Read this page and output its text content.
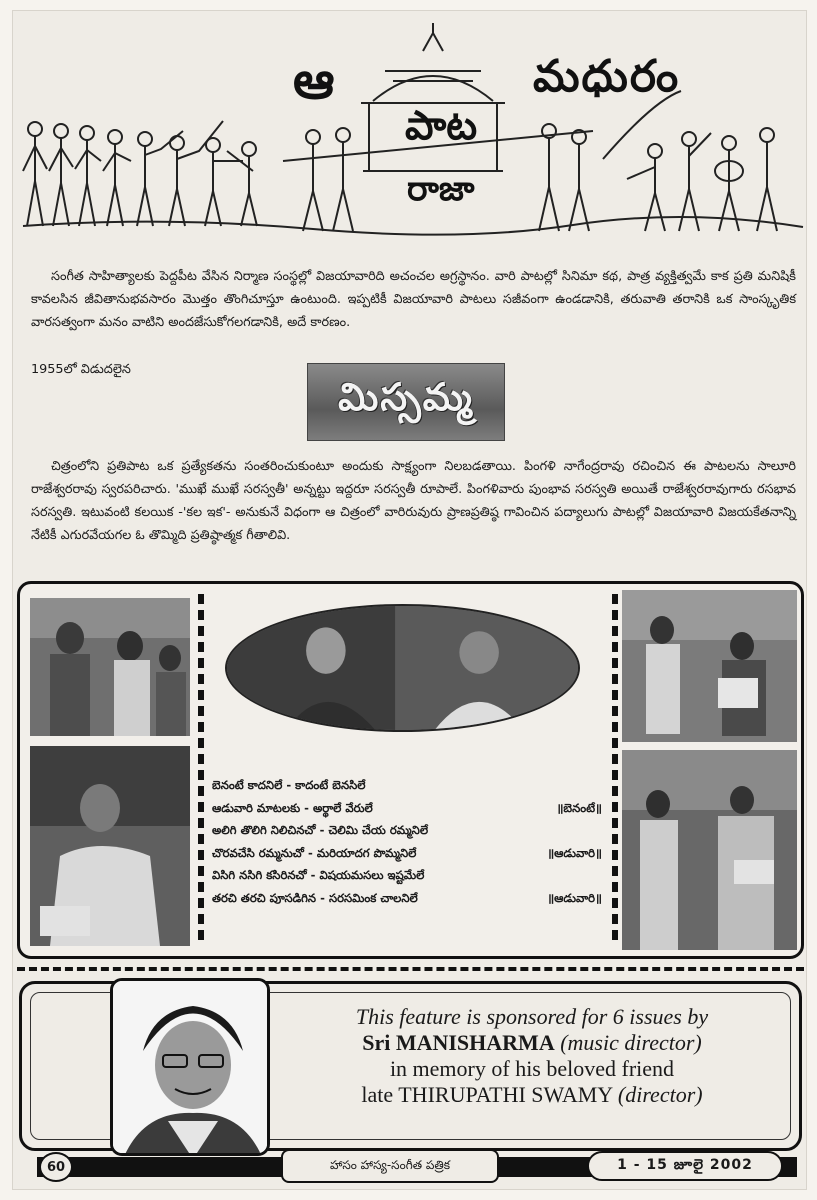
ఆ	మధురం
పాట
రాజా

సంగీత సాహిత్యాలకు పెద్దపీట వేసిన నిర్మాణ సంస్థల్లో విజయావారిది అచంచల అగ్రస్థానం. వారి పాటల్లో సినిమా కథ, పాత్ర వ్యక్తిత్వమే కాక ప్రతి మనిషికీ కావలసిన జీవితానుభవసారం మొత్తం తొంగిచూస్తూ ఉంటుంది. ఇప్పటికీ విజయావారి పాటలు సజీవంగా ఉండడానికి, తరువాతి తరానికి ఒక సాంస్కృతిక వారసత్వంగా మనం వాటిని అందజేసుకోగలగడానికి, అదే కారణం.

1955లో విడుదలైన

మిస్సమ్మ

చిత్రంలోని ప్రతిపాట ఒక ప్రత్యేకతను సంతరించుకుంటూ అందుకు సాక్ష్యంగా నిలబడతాయి. పింగళి నాగేంద్రరావు రచించిన ఈ పాటలను సాలూరి రాజేశ్వరరావు స్వరపరిచారు. 'ముఖే ముఖే సరస్వతీ' అన్నట్టు ఇద్దరూ సరస్వతీ రూపాలే. పింగళివారు పుంభావ సరస్వతి అయితే రాజేశ్వరరావుగారు రసభావ సరస్వతి. ఇటువంటి కలయిక -'కల ఇక'- అనుకునే విధంగా ఆ చిత్రంలో వారిరువురు ప్రాణప్రతిష్ఠ గావించిన పద్యాలుగు పాటల్లో విజయావారి విజయకేతనాన్ని నేటికీ ఎగురవేయగల ఓ తొమ్మిది ప్రతిష్ఠాత్మక గీతాలివి.

బెనంటే కాదనిలే - కాదంటే బెనసిలే
ఆడువారి మాటలకు - అర్థాలే వేరులే	॥బెనంటే॥
అలిగి తొలిగి నిలిచినచో - చెలిమి చేయ రమ్మనిలే
చొరవచేసి రమ్మనుచో - మరియాదగ పొమ్మనిలే	॥ఆడువారి॥
విసిగి నసిగి కసిరినచో - విషయమసలు ఇష్టమేలే
తరచి తరచి పూసడిగిన - సరసమింక చాలనిలే	॥ఆడువారి॥
This feature is sponsored for 6 issues by
Sri MANISHARMA (music director)
in memory of his beloved friend
late THIRUPATHI SWAMY (director)
60	హాసం హాస్య-సంగీత పత్రిక	1 - 15 జూలై 2002
